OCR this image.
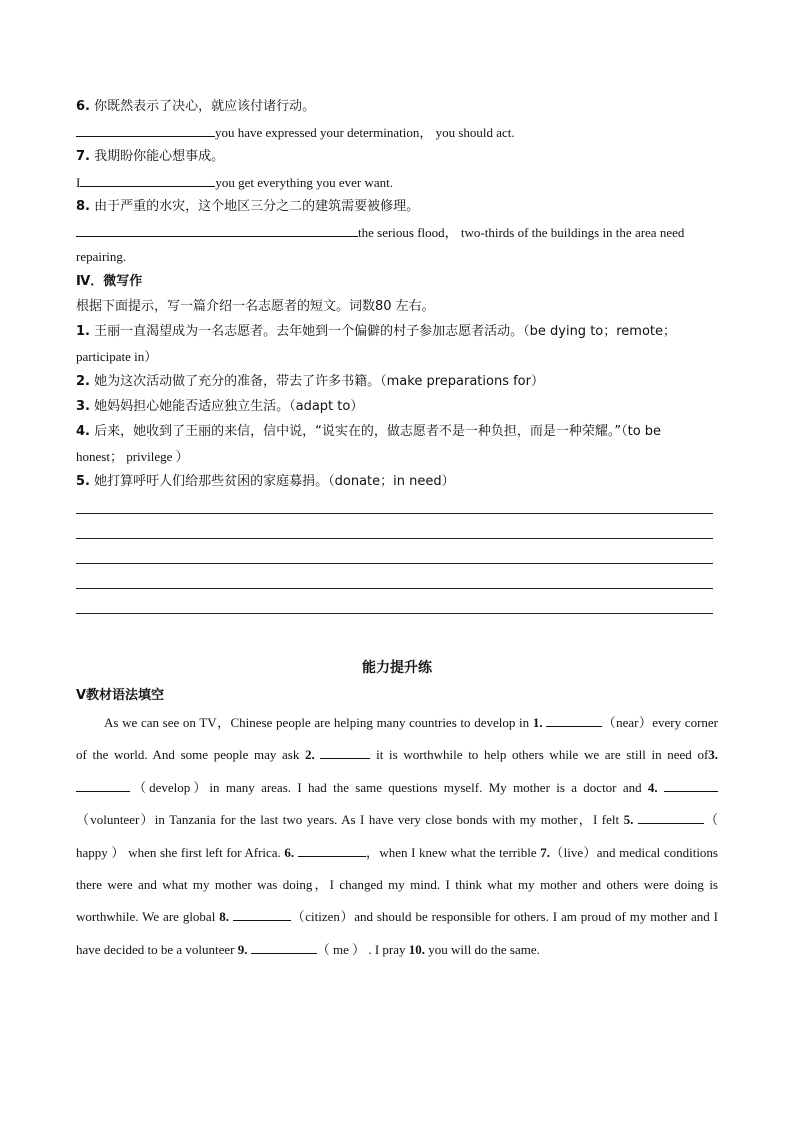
6. 你既然表示了决心，就应该付诸行动。
you have expressed your determination， you should act.
7. 我期盼你能心想事成。
I	you get everything you ever want.
8. 由于严重的水灾，这个地区三分之二的建筑需要被修理。
the serious flood， two-thirds of the buildings in the area need
repairing.
Ⅳ．微写作
根据下面提示，写一篇介绍一名志愿者的短文。词数80 左右。
1. 王丽一直渴望成为一名志愿者。去年她到一个偏僻的村子参加志愿者活动。（be dying to；remote；
participate in）
2. 她为这次活动做了充分的准备，带去了许多书籍。（make preparations for）
3. 她妈妈担心她能否适应独立生活。（adapt to）
4. 后来，她收到了王丽的来信，信中说，“说实在的，做志愿者不是一种负担，而是一种荣耀。”（to be
honest； privilege ）
5. 她打算呼吁人们给那些贫困的家庭募捐。（donate；in need）
能力提升练
V教材语法填空
As we can see on TV，Chinese people are helping many countries to develop in 1.	（near）every corner of the world. And some people may ask 2.	it is worthwhile to help others while we are still in need of3. （develop）in many areas. I had the same questions myself. My mother is a doctor and 4. （volunteer）in Tanzania for the last two years. As I have very close bonds with my mother，I felt 5.	（ happy ） when she first left for Africa. 6.	，when I knew what the terrible 7.（live）and medical conditions there were and what my mother was doing，I changed my mind. I think what my mother and others were doing is worthwhile. We are global 8.	（citizen）and should be responsible for others. I am proud of my mother and I have decided to be a volunteer 9.	（ me ） . I pray 10. you will do the same.
